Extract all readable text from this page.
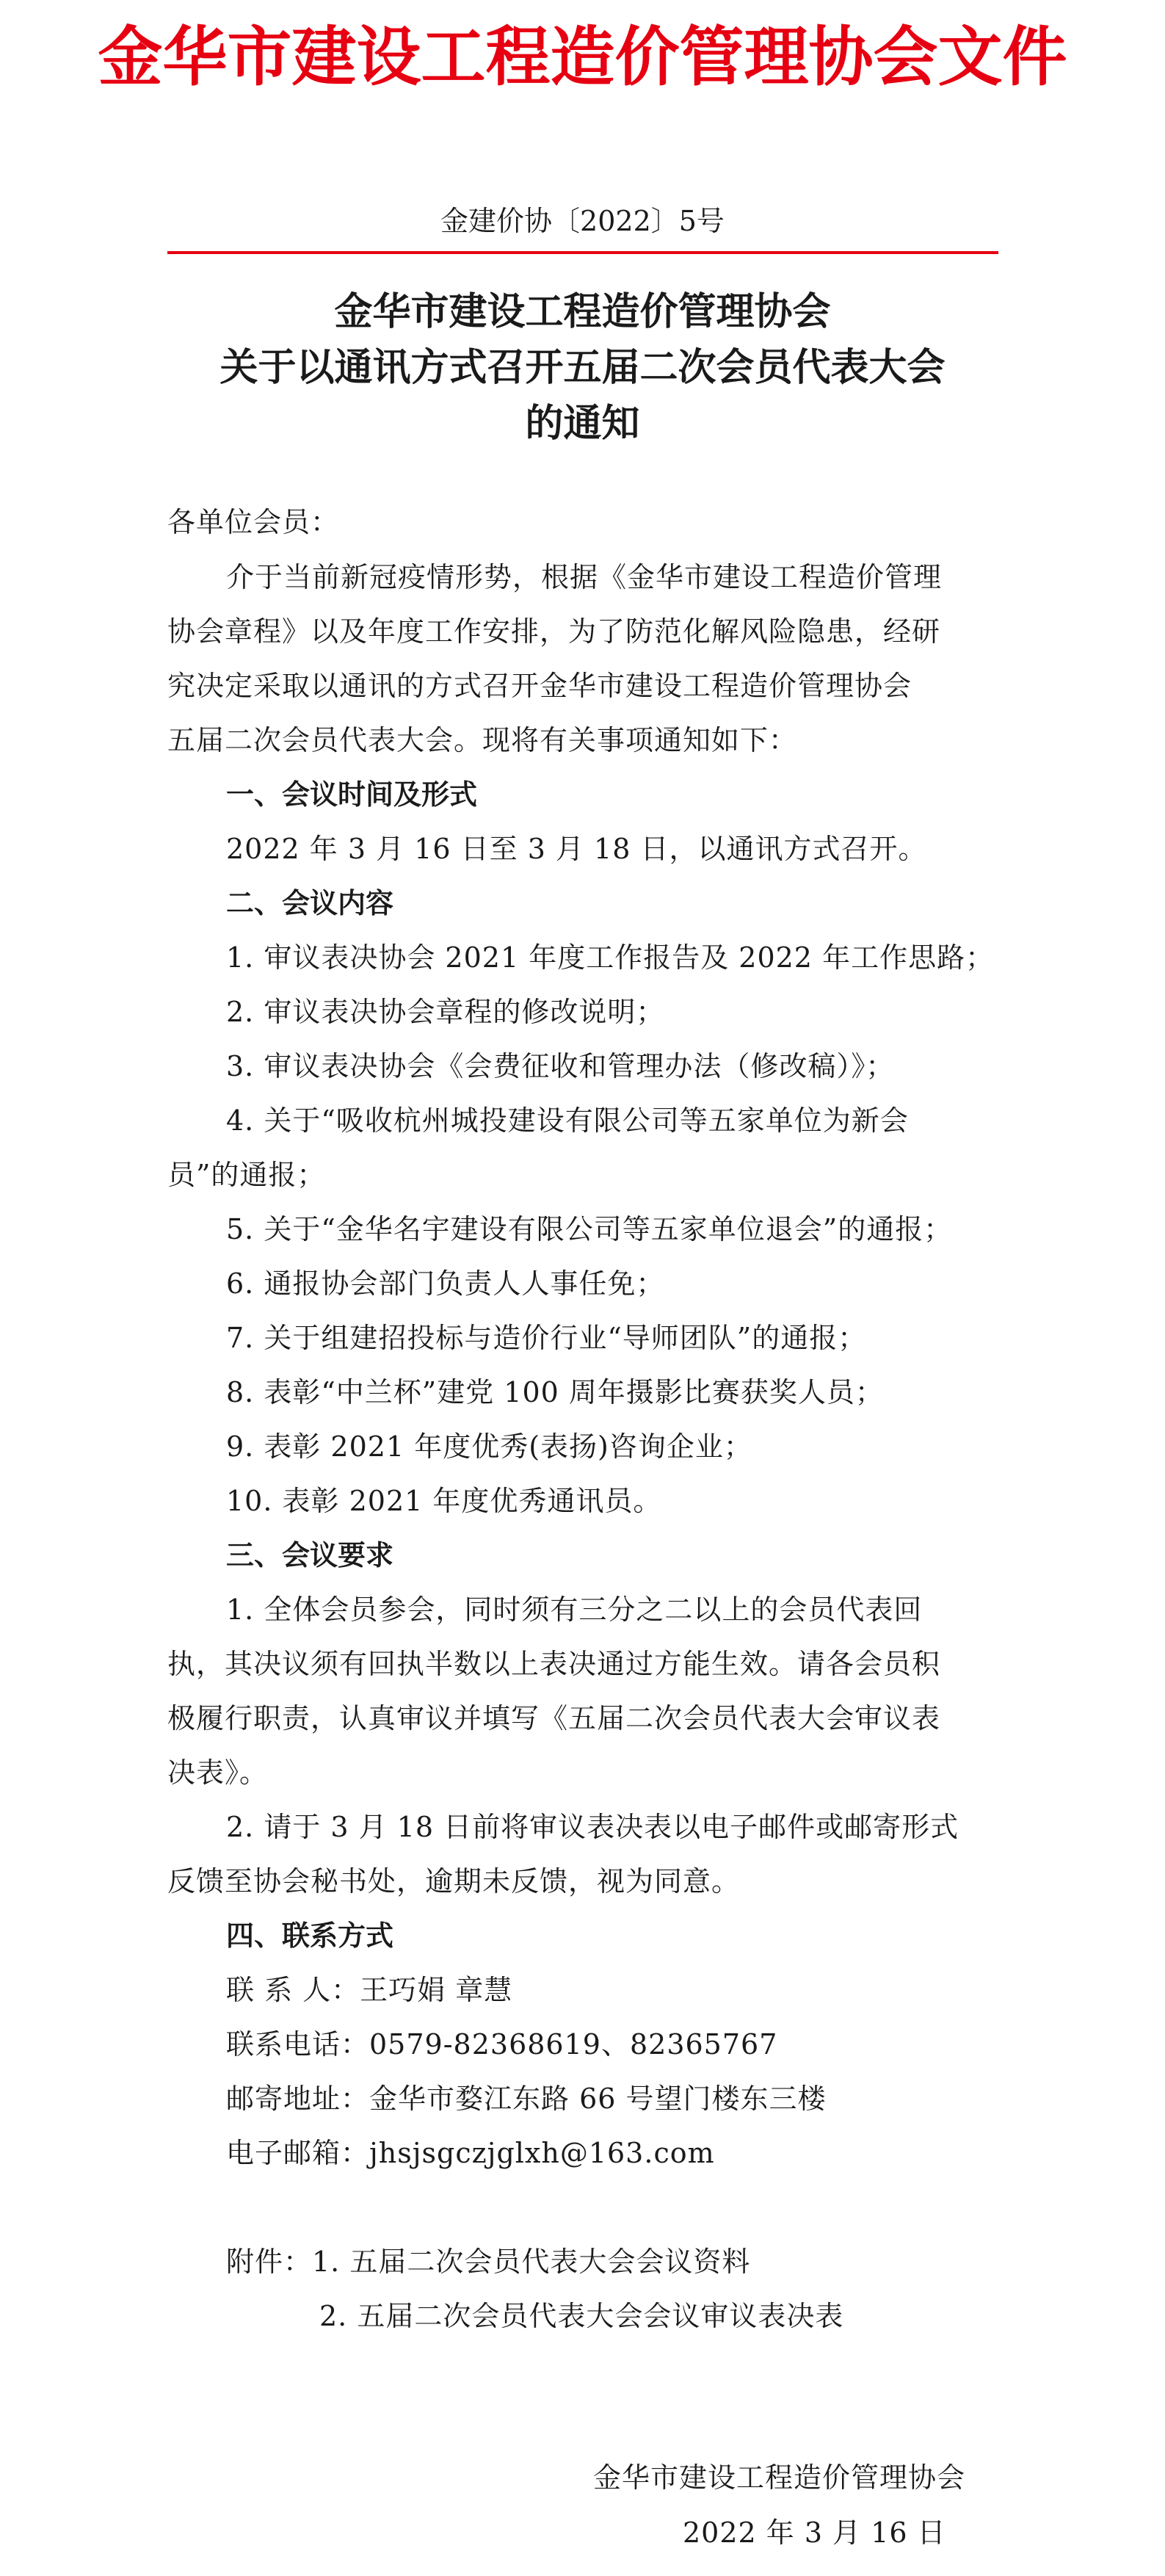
金华市建设工程造价管理协会文件

金建价协〔2022〕5号

金华市建设工程造价管理协会

关于以通讯方式召开五届二次会员代表大会

的通知

各单位会员：

介于当前新冠疫情形势，根据《金华市建设工程造价管理

协会章程》以及年度工作安排，为了防范化解风险隐患，经研

究决定采取以通讯的方式召开金华市建设工程造价管理协会

五届二次会员代表大会。现将有关事项通知如下：

一、会议时间及形式

2022 年 3 月 16 日至 3 月 18 日，以通讯方式召开。

二、会议内容

1. 审议表决协会 2021 年度工作报告及 2022 年工作思路；

2. 审议表决协会章程的修改说明；

3. 审议表决协会《会费征收和管理办法（修改稿）》；

4. 关于“吸收杭州城投建设有限公司等五家单位为新会

员”的通报；

5. 关于“金华名宇建设有限公司等五家单位退会”的通报；

6. 通报协会部门负责人人事任免；

7. 关于组建招投标与造价行业“导师团队”的通报；

8. 表彰“中兰杯”建党 100 周年摄影比赛获奖人员；

9. 表彰 2021 年度优秀(表扬)咨询企业；

10. 表彰 2021 年度优秀通讯员。

三、会议要求

1. 全体会员参会，同时须有三分之二以上的会员代表回

执，其决议须有回执半数以上表决通过方能生效。请各会员积

极履行职责，认真审议并填写《五届二次会员代表大会审议表

决表》。

2. 请于 3 月 18 日前将审议表决表以电子邮件或邮寄形式

反馈至协会秘书处，逾期未反馈，视为同意。

四、联系方式

联 系 人：王巧娟 章慧

联系电话：0579-82368619、82365767

邮寄地址：金华市婺江东路 66 号望门楼东三楼

电子邮箱：jhsjsgczjglxh@163.com

附件：1. 五届二次会员代表大会会议资料

2. 五届二次会员代表大会会议审议表决表

金华市建设工程造价管理协会

2022 年 3 月 16 日
